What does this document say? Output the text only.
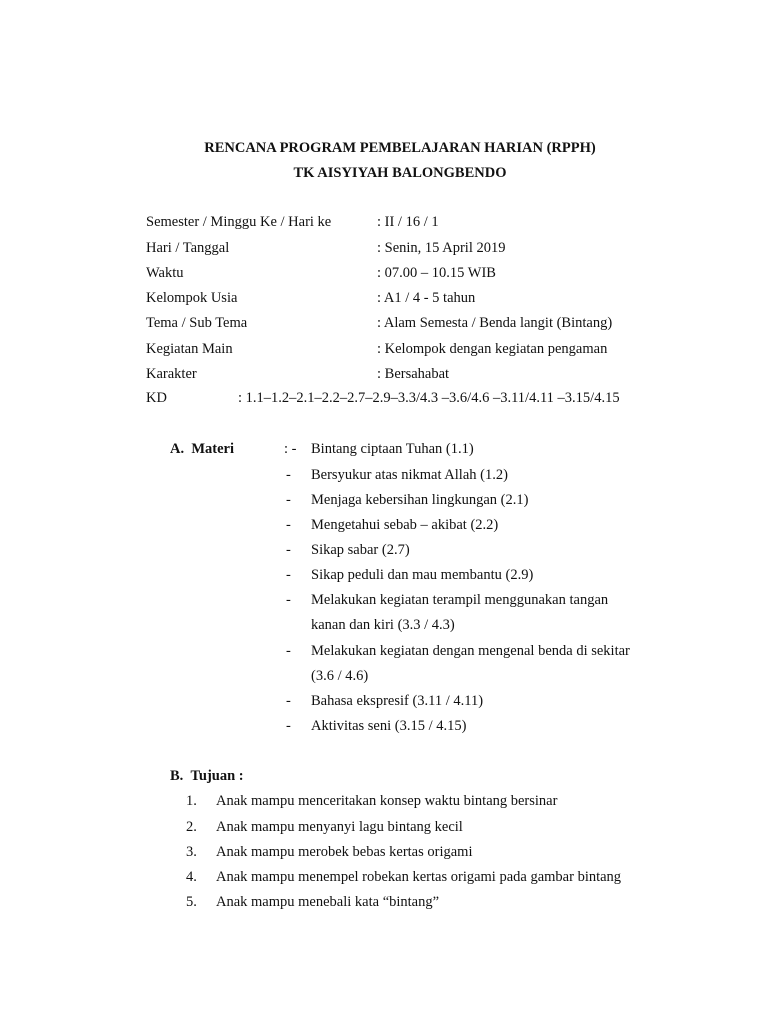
RENCANA PROGRAM PEMBELAJARAN HARIAN (RPPH)
TK AISYIYAH BALONGBENDO
Semester / Minggu Ke / Hari ke	: II / 16 / 1
Hari / Tanggal	: Senin, 15 April 2019
Waktu	: 07.00 – 10.15 WIB
Kelompok Usia	: A1 / 4 - 5 tahun
Tema / Sub Tema	: Alam Semesta / Benda langit (Bintang)
Kegiatan Main	: Kelompok dengan kegiatan pengaman
Karakter	: Bersahabat
KD	: 1.1–1.2–2.1–2.2–2.7–2.9–3.3/4.3 –3.6/4.6 –3.11/4.11 –3.15/4.15
A.  Materi	: - Bintang ciptaan Tuhan (1.1)
- Bersyukur atas nikmat Allah (1.2)
- Menjaga kebersihan lingkungan (2.1)
- Mengetahui sebab – akibat (2.2)
- Sikap sabar (2.7)
- Sikap peduli dan mau membantu (2.9)
- Melakukan kegiatan terampil menggunakan tangan
kanan dan kiri (3.3 / 4.3)
- Melakukan kegiatan dengan mengenal benda di sekitar
(3.6 / 4.6)
- Bahasa ekspresif (3.11 / 4.11)
- Aktivitas seni (3.15 / 4.15)
B.  Tujuan :
1. Anak mampu menceritakan konsep waktu bintang bersinar
2. Anak mampu menyanyi lagu bintang kecil
3. Anak mampu merobek bebas kertas origami
4. Anak mampu menempel robekan kertas origami pada gambar bintang
5. Anak mampu menebali kata “bintang”
